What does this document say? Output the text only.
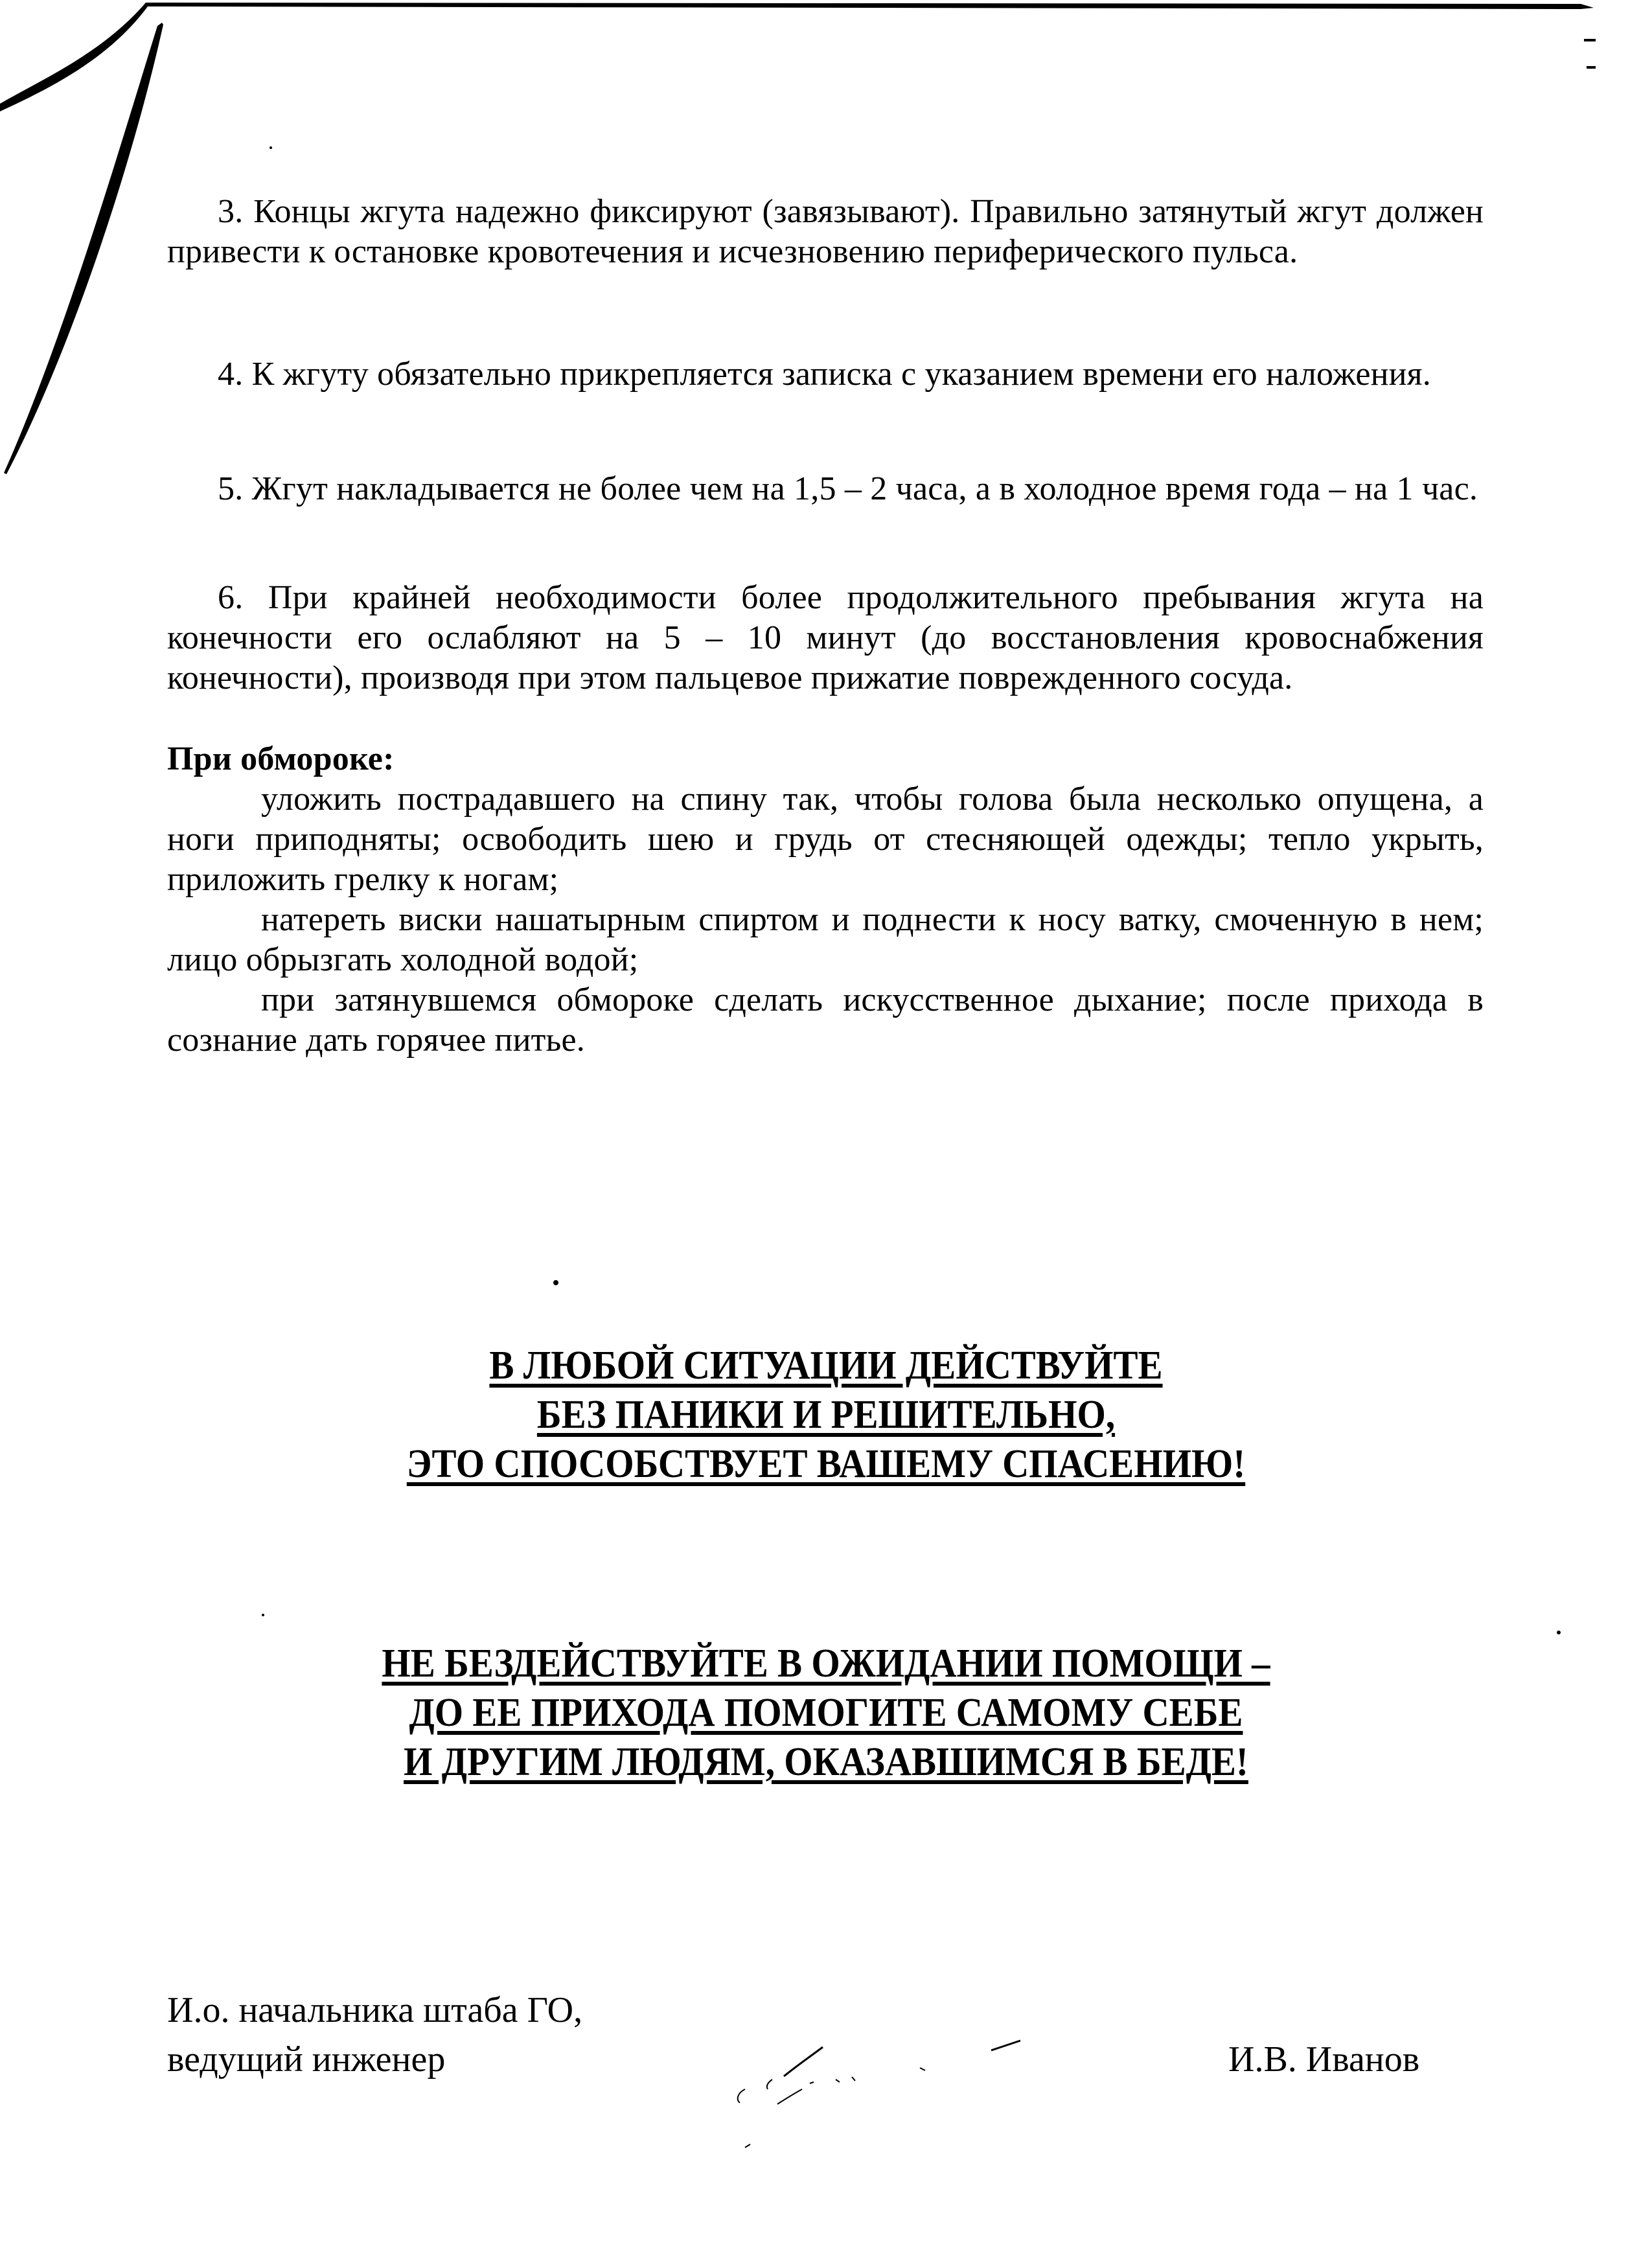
3. Концы жгута надежно фиксируют (завязывают). Правильно затянутый жгут должен привести к остановке кровотечения и исчезновению периферического пульса.

4. К жгуту обязательно прикрепляется записка с указанием времени его наложения.

5. Жгут накладывается не более чем на 1,5 – 2 часа, а в холодное время года – на 1 час.

6. При крайней необходимости более продолжительного пребывания жгута на конечности его ослабляют на 5 – 10 минут (до восстановления кровоснабжения конечности), производя при этом пальцевое прижатие поврежденного сосуда.

При обмороке:

уложить пострадавшего на спину так, чтобы голова была несколько опущена, а ноги приподняты; освободить шею и грудь от стесняющей одежды; тепло укрыть, приложить грелку к ногам;

натереть виски нашатырным спиртом и поднести к носу ватку, смоченную в нем; лицо обрызгать холодной водой;

при затянувшемся обмороке сделать искусственное дыхание; после прихода в сознание дать горячее питье.

В ЛЮБОЙ СИТУАЦИИ ДЕЙСТВУЙТЕ
БЕЗ ПАНИКИ И РЕШИТЕЛЬНО,
ЭТО СПОСОБСТВУЕТ ВАШЕМУ СПАСЕНИЮ!
НЕ БЕЗДЕЙСТВУЙТЕ В ОЖИДАНИИ ПОМОЩИ –
ДО ЕЕ ПРИХОДА ПОМОГИТЕ САМОМУ СЕБЕ
И ДРУГИМ ЛЮДЯМ, ОКАЗАВШИМСЯ В БЕДЕ!
И.о. начальника штаба ГО,
ведущий инженер	И.В. Иванов
